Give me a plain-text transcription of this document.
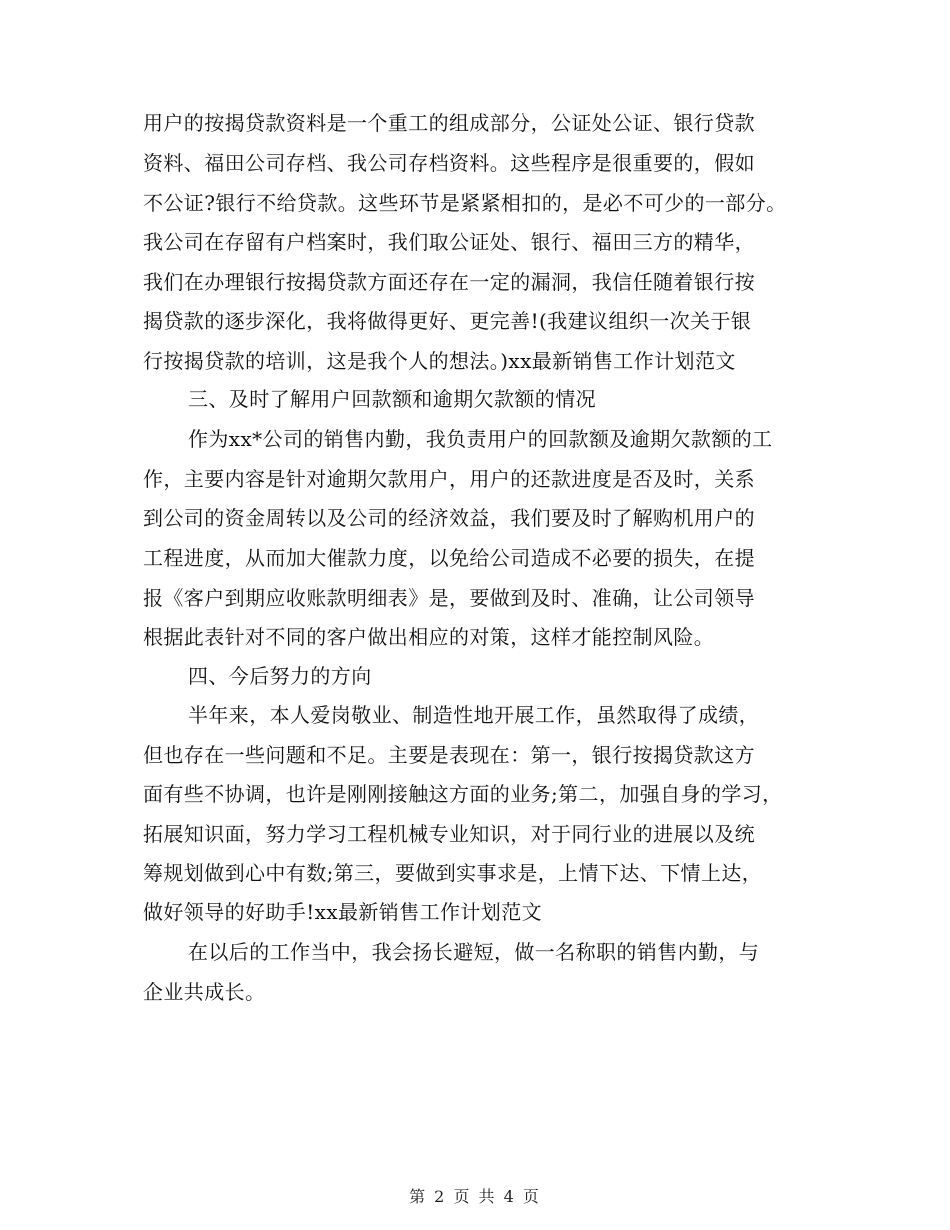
用户的按揭贷款资料是一个重工的组成部分，公证处公证、银行贷款
资料、福田公司存档、我公司存档资料。这些程序是很重要的，假如
不公证?银行不给贷款。这些环节是紧紧相扣的，是必不可少的一部分。
我公司在存留有户档案时，我们取公证处、银行、福田三方的精华，
我们在办理银行按揭贷款方面还存在一定的漏洞，我信任随着银行按
揭贷款的逐步深化，我将做得更好、更完善!(我建议组织一次关于银
行按揭贷款的培训，这是我个人的想法。)xx最新销售工作计划范文
三、及时了解用户回款额和逾期欠款额的情况
作为xx*公司的销售内勤，我负责用户的回款额及逾期欠款额的工
作，主要内容是针对逾期欠款用户，用户的还款进度是否及时，关系
到公司的资金周转以及公司的经济效益，我们要及时了解购机用户的
工程进度，从而加大催款力度，以免给公司造成不必要的损失，在提
报《客户到期应收账款明细表》是，要做到及时、准确，让公司领导
根据此表针对不同的客户做出相应的对策，这样才能控制风险。
四、今后努力的方向
半年来，本人爱岗敬业、制造性地开展工作，虽然取得了成绩，
但也存在一些问题和不足。主要是表现在：第一，银行按揭贷款这方
面有些不协调，也许是刚刚接触这方面的业务;第二，加强自身的学习，
拓展知识面，努力学习工程机械专业知识，对于同行业的进展以及统
筹规划做到心中有数;第三，要做到实事求是，上情下达、下情上达，
做好领导的好助手!xx最新销售工作计划范文
在以后的工作当中，我会扬长避短，做一名称职的销售内勤，与
企业共成长。
第 2 页 共 4 页
